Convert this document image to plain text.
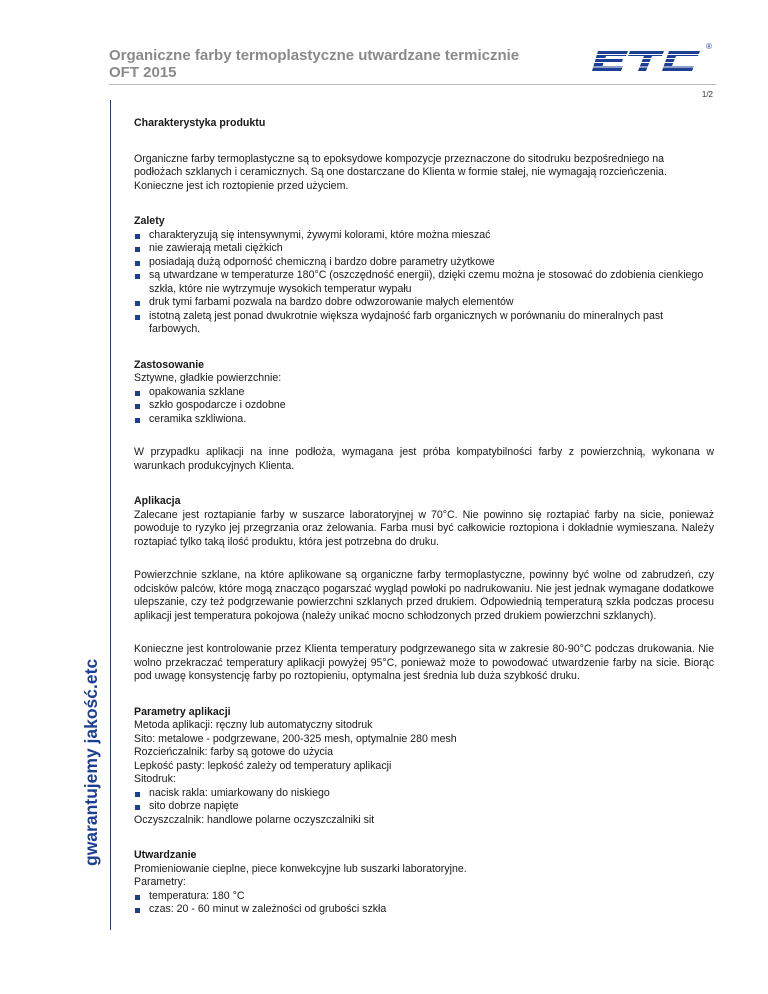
Organiczne farby termoplastyczne utwardzane termicznie
OFT 2015
®
1/2
gwarantujemy jakość.etc

Charakterystyka produktu

Organiczne farby termoplastyczne są to epoksydowe kompozycje przeznaczone do sitodruku bezpośredniego na podłożach szklanych i ceramicznych. Są one dostarczane do Klienta w formie stałej, nie wymagają rozcieńczenia. Konieczne jest ich roztopienie przed użyciem.

Zalety

charakteryzują się intensywnymi, żywymi kolorami, które można mieszać
nie zawierają metali ciężkich
posiadają dużą odporność chemiczną i bardzo dobre parametry użytkowe
są utwardzane w temperaturze 180°C (oszczędność energii), dzięki czemu można je stosować do zdobienia cienkiego szkła, które nie wytrzymuje wysokich temperatur wypału
druk tymi farbami pozwala na bardzo dobre odwzorowanie małych elementów
istotną zaletą jest ponad dwukrotnie większa wydajność farb organicznych w porównaniu do mineralnych past farbowych.

Zastosowanie

Sztywne, gładkie powierzchnie:

opakowania szklane
szkło gospodarcze i ozdobne
ceramika szkliwiona.

W przypadku aplikacji na inne podłoża, wymagana jest próba kompatybilności farby z powierzchnią, wykonana w warunkach produkcyjnych Klienta.

Aplikacja

Zalecane jest roztapianie farby w suszarce laboratoryjnej w 70°C. Nie powinno się roztapiać farby na sicie, ponieważ powoduje to ryzyko jej przegrzania oraz żelowania. Farba musi być całkowicie roztopiona i dokładnie wymieszana. Należy roztapiać tylko taką ilość produktu, która jest potrzebna do druku.

Powierzchnie szklane, na które aplikowane są organiczne farby termoplastyczne, powinny być wolne od zabrudzeń, czy odcisków palców, które mogą znacząco pogarszać wygląd powłoki po nadrukowaniu. Nie jest jednak wymagane dodatkowe ulepszanie, czy też podgrzewanie powierzchni szklanych przed drukiem. Odpowiednią temperaturą szkła podczas procesu aplikacji jest temperatura pokojowa (należy unikać mocno schłodzonych przed drukiem powierzchni szklanych).

Konieczne jest kontrolowanie przez Klienta temperatury podgrzewanego sita w zakresie 80-90°C podczas drukowania. Nie wolno przekraczać temperatury aplikacji powyżej 95°C, ponieważ może to powodować utwardzenie farby na sicie. Biorąc pod uwagę konsystencję farby po roztopieniu, optymalna jest średnia lub duża szybkość druku.

Parametry aplikacji

Metoda aplikacji: ręczny lub automatyczny sitodruk

Sito: metalowe - podgrzewane, 200-325 mesh, optymalnie 280 mesh

Rozcieńczalnik: farby są gotowe do użycia

Lepkość pasty: lepkość zależy od temperatury aplikacji

Sitodruk:

nacisk rakla: umiarkowany do niskiego
sito dobrze napięte

Oczyszczalnik: handlowe polarne oczyszczalniki sit

Utwardzanie

Promieniowanie cieplne, piece konwekcyjne lub suszarki laboratoryjne.

Parametry:

temperatura: 180 °C
czas: 20 - 60 minut w zależności od grubości szkła
